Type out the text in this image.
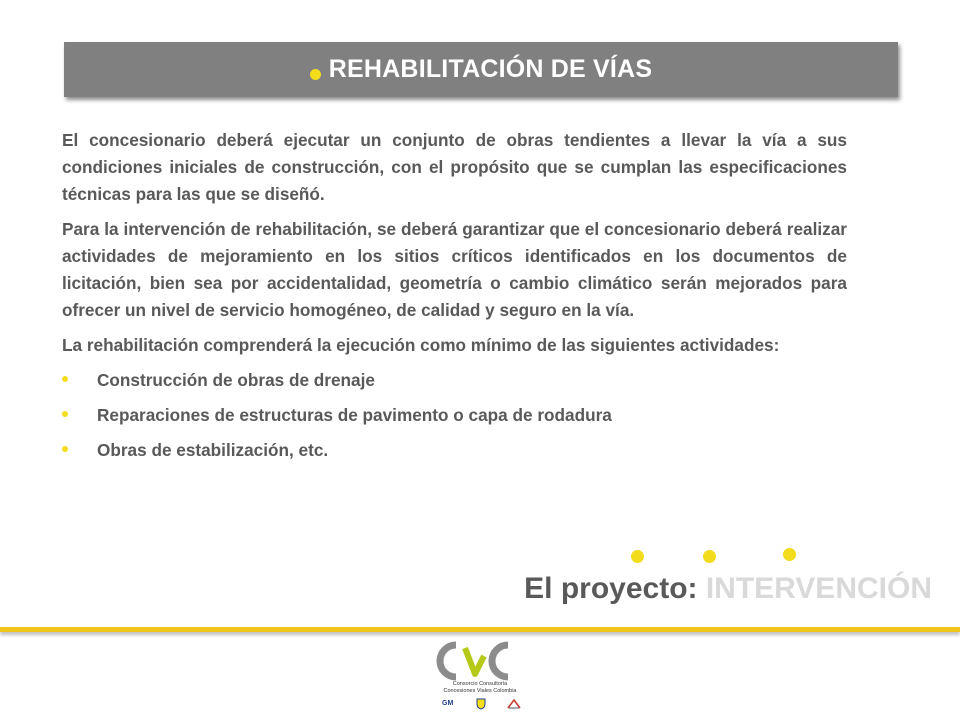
REHABILITACIÓN DE VÍAS

El concesionario deberá ejecutar un conjunto de obras tendientes a llevar la vía a sus condiciones iniciales de construcción, con el propósito que se cumplan las especificaciones técnicas para las que se diseñó.

Para la intervención de rehabilitación, se deberá garantizar que el concesionario deberá realizar actividades de mejoramiento en los sitios críticos identificados en los documentos de licitación, bien sea por accidentalidad, geometría o cambio climático serán mejorados para ofrecer un nivel de servicio homogéneo, de calidad y seguro en la vía.

La rehabilitación comprenderá la ejecución como mínimo de las siguientes actividades:

Construcción de obras de drenaje
Reparaciones de estructuras de pavimento o capa de rodadura
Obras de estabilización, etc.
El proyecto: INTERVENCIÓN
Consorcio Consultoría
Concesiones Viales Colombia
GM
